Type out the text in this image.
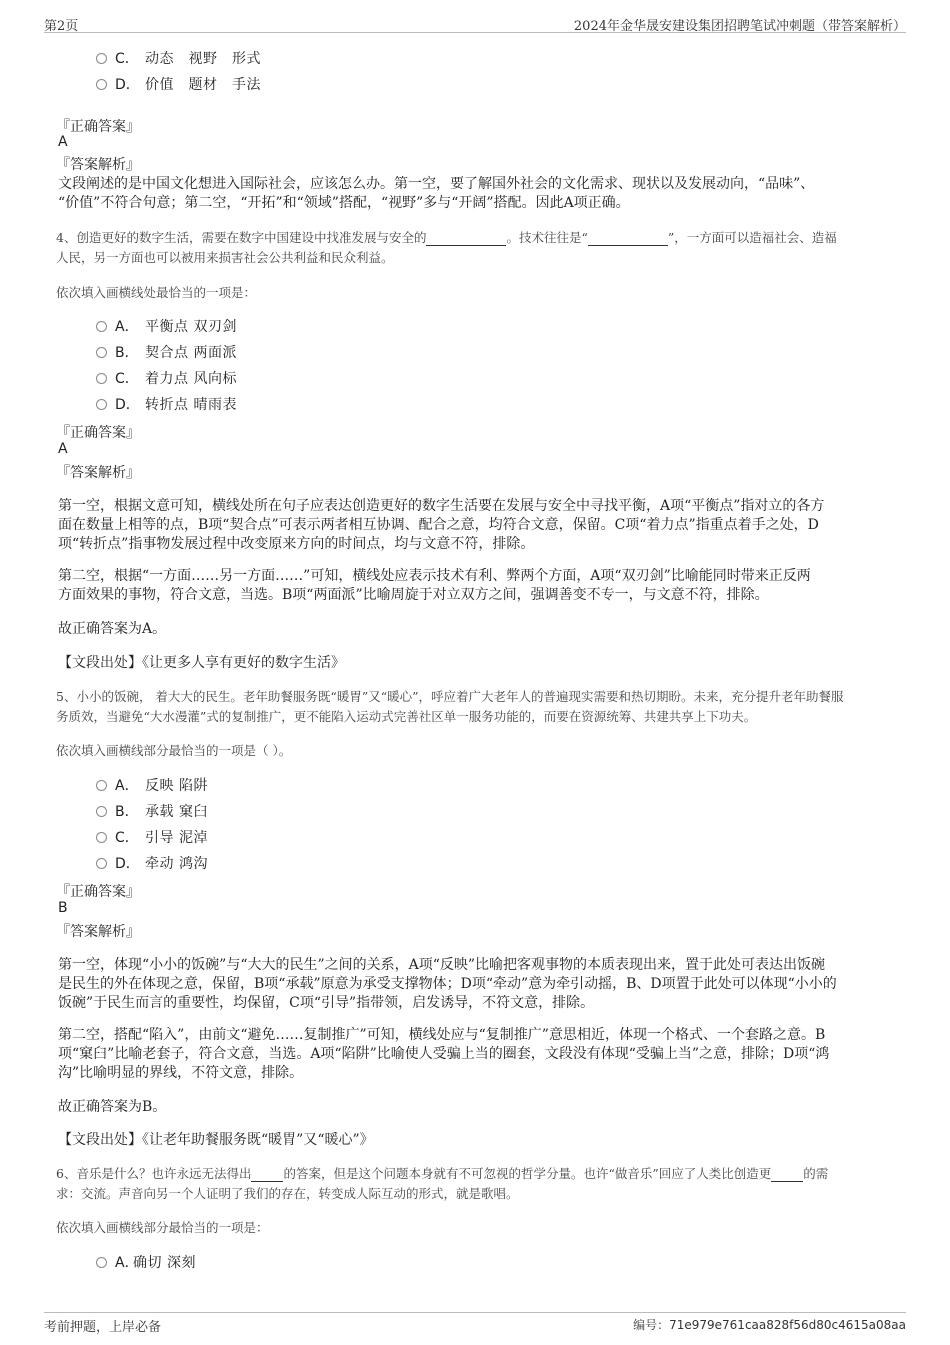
第2页	2024年金华晟安建设集团招聘笔试冲刺题（带答案解析）
C． 动态　视野　形式
D． 价值　题材　手法
『正确答案』
A
『答案解析』
文段阐述的是中国文化想进入国际社会，应该怎么办。第一空，要了解国外社会的文化需求、现状以及发展动向，“品味”、
“价值”不符合句意；第二空，“开拓”和“领域”搭配，“视野”多与“开阔”搭配。因此A项正确。
4、创造更好的数字生活，需要在数字中国建设中找准发展与安全的	。技术往往是“	”，一方面可以造福社会、造福
人民，另一方面也可以被用来损害社会公共利益和民众利益。
依次填入画横线处最恰当的一项是：
A． 平衡点 双刃剑
B． 契合点 两面派
C． 着力点 风向标
D． 转折点 晴雨表
『正确答案』
A
『答案解析』
第一空，根据文意可知，横线处所在句子应表达创造更好的数字生活要在发展与安全中寻找平衡，A项“平衡点”指对立的各方
面在数量上相等的点，B项“契合点”可表示两者相互协调、配合之意，均符合文意，保留。C项“着力点”指重点着手之处，D
项“转折点”指事物发展过程中改变原来方向的时间点，均与文意不符，排除。
第二空，根据“一方面……另一方面……”可知，横线处应表示技术有利、弊两个方面，A项“双刃剑”比喻能同时带来正反两
方面效果的事物，符合文意，当选。B项“两面派”比喻周旋于对立双方之间，强调善变不专一，与文意不符，排除。
故正确答案为A。
【文段出处】《让更多人享有更好的数字生活》
5、小小的饭碗， 着大大的民生。老年助餐服务既“暖胃”又“暖心”，呼应着广大老年人的普遍现实需要和热切期盼。未来，充分提升老年助餐服
务质效，当避免“大水漫灌”式的复制推广，更不能陷入运动式完善社区单一服务功能的，而要在资源统筹、共建共享上下功夫。
依次填入画横线部分最恰当的一项是（ ）。
A． 反映 陷阱
B． 承载 窠臼
C． 引导 泥淖
D． 牵动 鸿沟
『正确答案』
B
『答案解析』
第一空，体现“小小的饭碗”与“大大的民生”之间的关系，A项“反映”比喻把客观事物的本质表现出来，置于此处可表达出饭碗
是民生的外在体现之意，保留，B项“承载”原意为承受支撑物体；D项“牵动”意为牵引动摇，B、D项置于此处可以体现“小小的
饭碗”于民生而言的重要性，均保留，C项“引导”指带领，启发诱导，不符文意，排除。
第二空，搭配“陷入”，由前文“避免……复制推广”可知，横线处应与“复制推广”意思相近，体现一个格式、一个套路之意。B
项“窠臼”比喻老套子，符合文意，当选。A项“陷阱”比喻使人受骗上当的圈套，文段没有体现“受骗上当”之意，排除；D项“鸿
沟”比喻明显的界线，不符文意，排除。
故正确答案为B。
【文段出处】《让老年助餐服务既“暖胃”又“暖心”》
6、音乐是什么？也许永远无法得出	的答案，但是这个问题本身就有不可忽视的哲学分量。也许“做音乐”回应了人类比创造更	的需
求：交流。声音向另一个人证明了我们的存在，转变成人际互动的形式，就是歌唱。
依次填入画横线部分最恰当的一项是：
A．确切 深刻
考前押题，上岸必备	编号：71e979e761caa828f56d80c4615a08aa
